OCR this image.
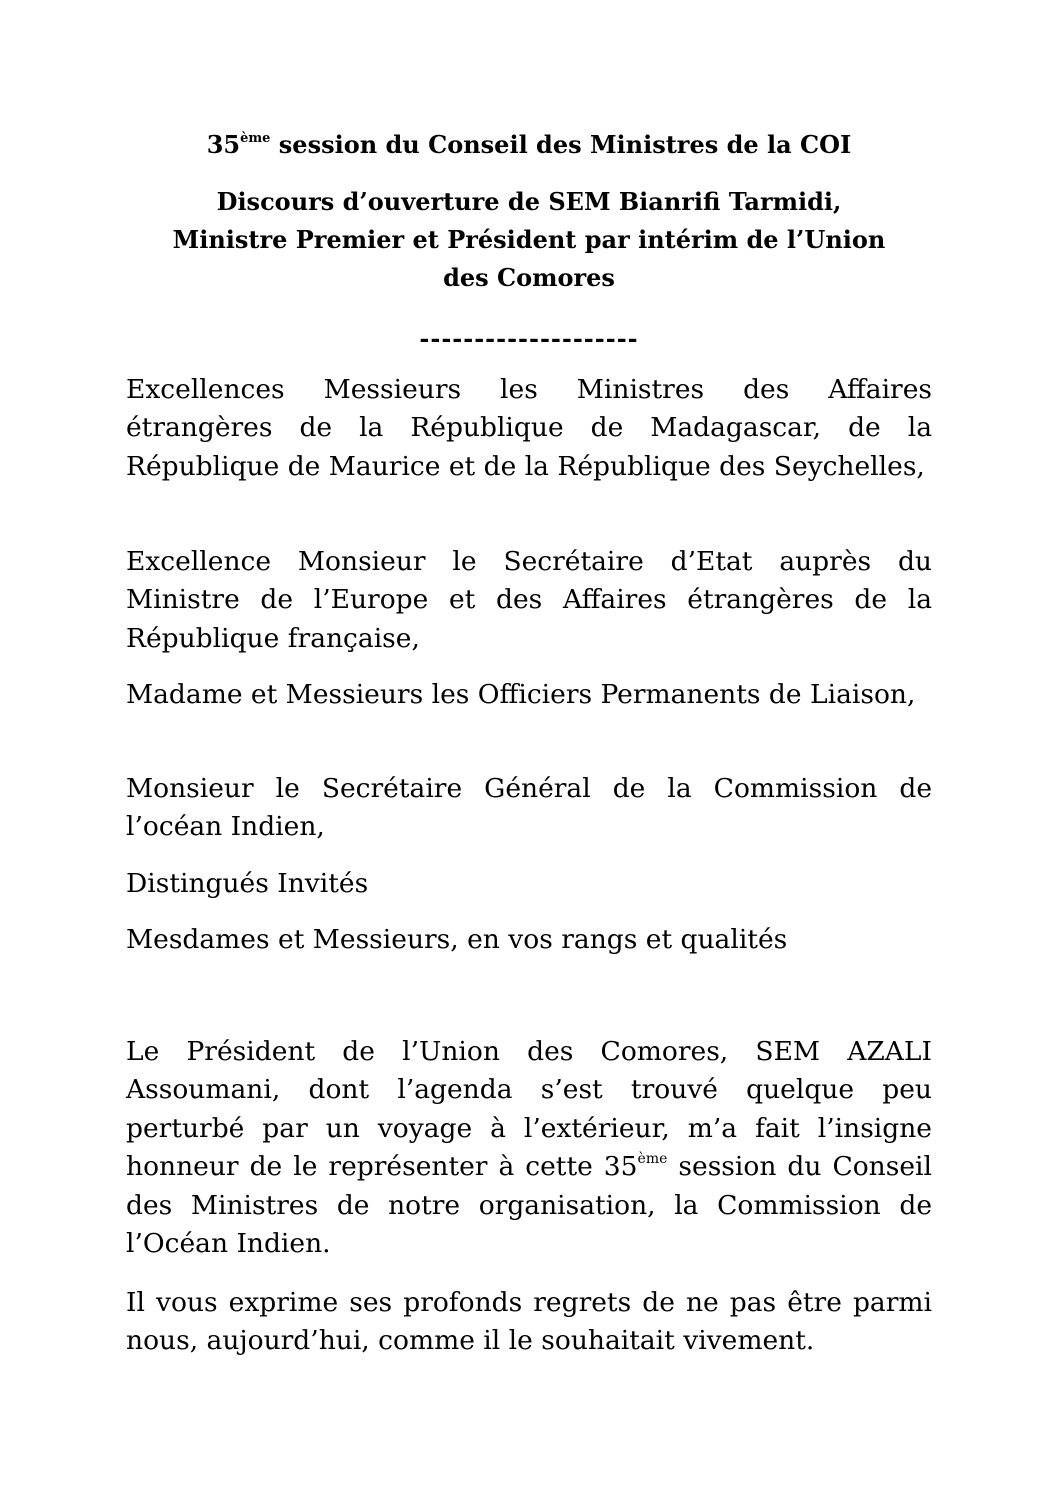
35ème session du Conseil des Ministres de la COI
Discours d’ouverture de SEM Bianrifi Tarmidi,
Ministre Premier et Président par intérim de l’Union
des Comores
--------------------

Excellences Messieurs les Ministres des Affaires étrangères de la République de Madagascar, de la République de Maurice et de la République des Seychelles,

Excellence Monsieur le Secrétaire d’Etat auprès du Ministre de l’Europe et des Affaires étrangères de la République française,

Madame et Messieurs les Officiers Permanents de Liaison,

Monsieur le Secrétaire Général de la Commission de l’océan Indien,

Distingués Invités

Mesdames et Messieurs, en vos rangs et qualités

Le Président de l’Union des Comores, SEM AZALI Assoumani, dont l’agenda s’est trouvé quelque peu perturbé par un voyage à l’extérieur, m’a fait l’insigne honneur de le représenter à cette 35ème session du Conseil des Ministres de notre organisation, la Commission de l’Océan Indien.

Il vous exprime ses profonds regrets de ne pas être parmi nous, aujourd’hui, comme il le souhaitait vivement.
